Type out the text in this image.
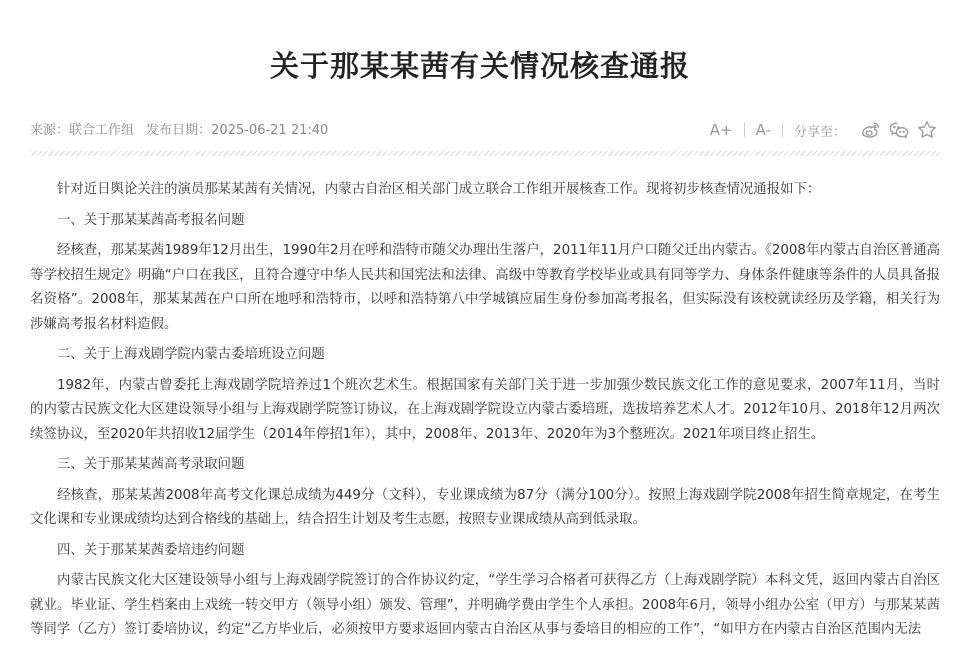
关于那某某茜有关情况核查通报
来源：联合工作组 发布日期：2025-06-21 21:40	A+ A- 分享至：

针对近日舆论关注的演员那某某茜有关情况，内蒙古自治区相关部门成立联合工作组开展核查工作。现将初步核查情况通报如下：

一、关于那某某茜高考报名问题

经核查，那某某茜1989年12月出生，1990年2月在呼和浩特市随父办理出生落户，2011年11月户口随父迁出内蒙古。《2008年内蒙古自治区普通高等学校招生规定》明确“户口在我区，且符合遵守中华人民共和国宪法和法律、高级中等教育学校毕业或具有同等学力、身体条件健康等条件的人员具备报名资格”。2008年，那某某茜在户口所在地呼和浩特市，以呼和浩特第八中学城镇应届生身份参加高考报名，但实际没有该校就读经历及学籍，相关行为涉嫌高考报名材料造假。

二、关于上海戏剧学院内蒙古委培班设立问题

1982年，内蒙古曾委托上海戏剧学院培养过1个班次艺术生。根据国家有关部门关于进一步加强少数民族文化工作的意见要求，2007年11月，当时的内蒙古民族文化大区建设领导小组与上海戏剧学院签订协议，在上海戏剧学院设立内蒙古委培班，选拔培养艺术人才。2012年10月、2018年12月两次续签协议，至2020年共招收12届学生（2014年停招1年），其中，2008年、2013年、2020年为3个整班次。2021年项目终止招生。

三、关于那某某茜高考录取问题

经核查，那某某茜2008年高考文化课总成绩为449分（文科），专业课成绩为87分（满分100分）。按照上海戏剧学院2008年招生简章规定，在考生文化课和专业课成绩均达到合格线的基础上，结合招生计划及考生志愿，按照专业课成绩从高到低录取。

四、关于那某某茜委培违约问题

内蒙古民族文化大区建设领导小组与上海戏剧学院签订的合作协议约定，“学生学习合格者可获得乙方（上海戏剧学院）本科文凭，返回内蒙古自治区就业。毕业证、学生档案由上戏统一转交甲方（领导小组）颁发、管理”，并明确学费由学生个人承担。2008年6月，领导小组办公室（甲方）与那某某茜等同学（乙方）签订委培协议，约定“乙方毕业后，必须按甲方要求返回内蒙古自治区从事与委培目的相应的工作”，“如甲方在内蒙古自治区范围内无法
